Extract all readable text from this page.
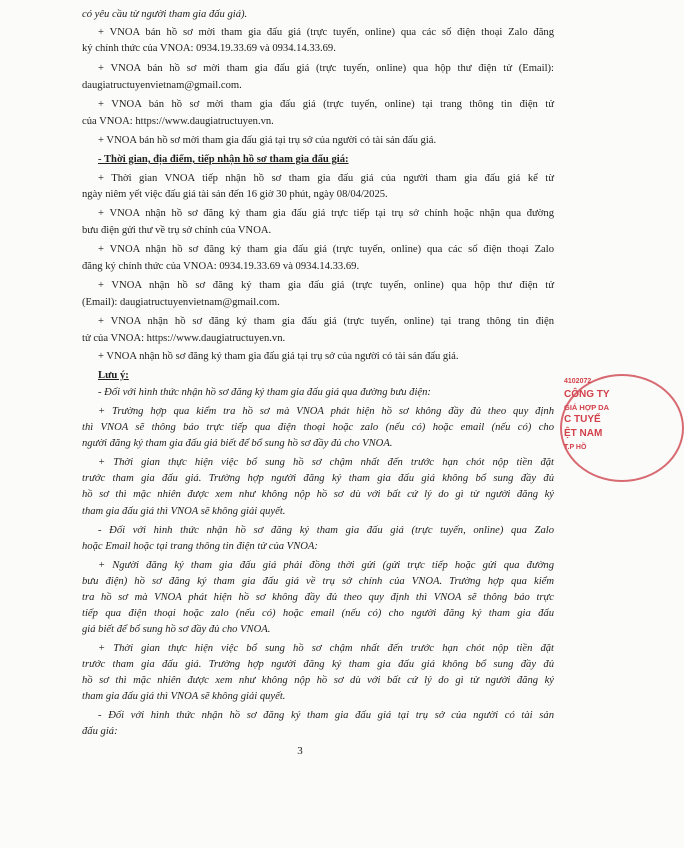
có yêu cầu từ người tham gia đấu giá).
+ VNOA bán hồ sơ mời tham gia đấu giá (trực tuyến, online) qua các số điện thoại Zalo đăng
ký chính thức của VNOA: 0934.19.33.69 và 0934.14.33.69.
+ VNOA bán hồ sơ mời tham gia đấu giá (trực tuyến, online) qua hộp thư điện tử (Email):
daugiatructuyenvietnam@gmail.com.
+ VNOA bán hồ sơ mời tham gia đấu giá (trực tuyến, online) tại trang thông tin điện tử
của VNOA: https://www.daugiatructuyen.vn.
+ VNOA bán hồ sơ mời tham gia đấu giá tại trụ sở của người có tài sản đấu giá.
- Thời gian, địa điểm, tiếp nhận hồ sơ tham gia đấu giá:
+ Thời gian VNOA tiếp nhận hồ sơ tham gia đấu giá của người tham gia đấu giá kể từ
ngày niêm yết việc đấu giá tài sản đến 16 giờ 30 phút, ngày 08/04/2025.
+ VNOA nhận hồ sơ đăng ký tham gia đấu giá trực tiếp tại trụ sở chính hoặc nhận qua đường
bưu điện gửi thư về trụ sở chính của VNOA.
+ VNOA nhận hồ sơ đăng ký tham gia đấu giá (trực tuyến, online) qua các số điện thoại Zalo
đăng ký chính thức của VNOA: 0934.19.33.69 và 0934.14.33.69.
+ VNOA nhận hồ sơ đăng ký tham gia đấu giá (trực tuyến, online) qua hộp thư điện tử
(Email): daugiatructuyenvietnam@gmail.com.
+ VNOA nhận hồ sơ đăng ký tham gia đấu giá (trực tuyến, online) tại trang thông tin điện
tử của VNOA: https://www.daugiatructuyen.vn.
+ VNOA nhận hồ sơ đăng ký tham gia đấu giá tại trụ sở của người có tài sản đấu giá.
Lưu ý:
- Đối với hình thức nhận hồ sơ đăng ký tham gia đấu giá qua đường bưu điện:
+ Trường hợp qua kiểm tra hồ sơ mà VNOA phát hiện hồ sơ không đầy đủ theo quy định
thì VNOA sẽ thông báo trực tiếp qua điện thoại hoặc zalo (nếu có) hoặc email (nếu có) cho
người đăng ký tham gia đấu giá biết để bổ sung hồ sơ đầy đủ cho VNOA.
+ Thời gian thực hiện việc bổ sung hồ sơ chậm nhất đến trước hạn chót nộp tiền đặt
trước tham gia đấu giá. Trường hợp người đăng ký tham gia đấu giá không bổ sung đầy đủ
hồ sơ thì mặc nhiên được xem như không nộp hồ sơ dù với bất cứ lý do gì từ người đăng ký
tham gia đấu giá thì VNOA sẽ không giải quyết.
- Đối với hình thức nhận hồ sơ đăng ký tham gia đấu giá (trực tuyến, online) qua Zalo
hoặc Email hoặc tại trang thông tin điện tử của VNOA:
+ Người đăng ký tham gia đấu giá phải đồng thời gửi (gửi trực tiếp hoặc gửi qua đường
bưu điện) hồ sơ đăng ký tham gia đấu giá về trụ sở chính của VNOA. Trường hợp qua kiểm
tra hồ sơ mà VNOA phát hiện hồ sơ không đầy đủ theo quy định thì VNOA sẽ thông báo trực
tiếp qua điện thoại hoặc zalo (nếu có) hoặc email (nếu có) cho người đăng ký tham gia đấu
giá biết để bổ sung hồ sơ đầy đủ cho VNOA.
+ Thời gian thực hiện việc bổ sung hồ sơ chậm nhất đến trước hạn chót nộp tiền đặt
trước tham gia đấu giá. Trường hợp người đăng ký tham gia đấu giá không bổ sung đầy đủ
hồ sơ thì mặc nhiên được xem như không nộp hồ sơ dù với bất cứ lý do gì từ người đăng ký
tham gia đấu giá thì VNOA sẽ không giải quyết.
- Đối với hình thức nhận hồ sơ đăng ký tham gia đấu giá tại trụ sở của người có tài sản
đấu giá:
3
4102072
CÔNG TY
GIÁ HỢP DA
C TUYẾ
ỆT NAM
T.P HỒ
